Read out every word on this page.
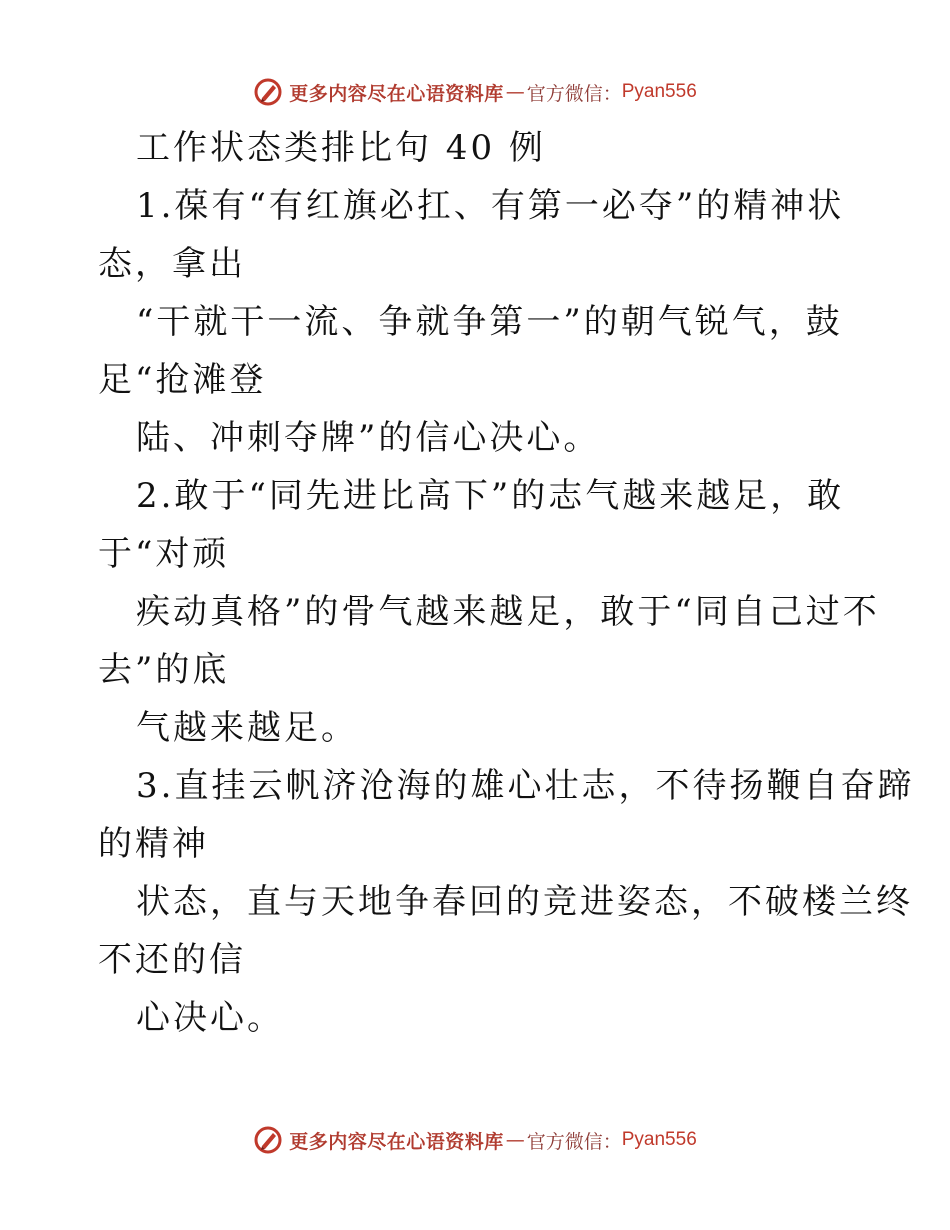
更多内容尽在心语资料库 — 官方微信： Pyan556
工作状态类排比句 40 例
1.葆有“有红旗必扛、有第一必夺”的精神状
态，拿出
“干就干一流、争就争第一”的朝气锐气，鼓
足“抢滩登
陆、冲刺夺牌”的信心决心。
2.敢于“同先进比高下”的志气越来越足，敢
于“对顽
疾动真格”的骨气越来越足，敢于“同自己过不
去”的底
气越来越足。
3.直挂云帆济沧海的雄心壮志，不待扬鞭自奋蹄
的精神
状态，直与天地争春回的竞进姿态，不破楼兰终
不还的信
心决心。
更多内容尽在心语资料库 — 官方微信： Pyan556
